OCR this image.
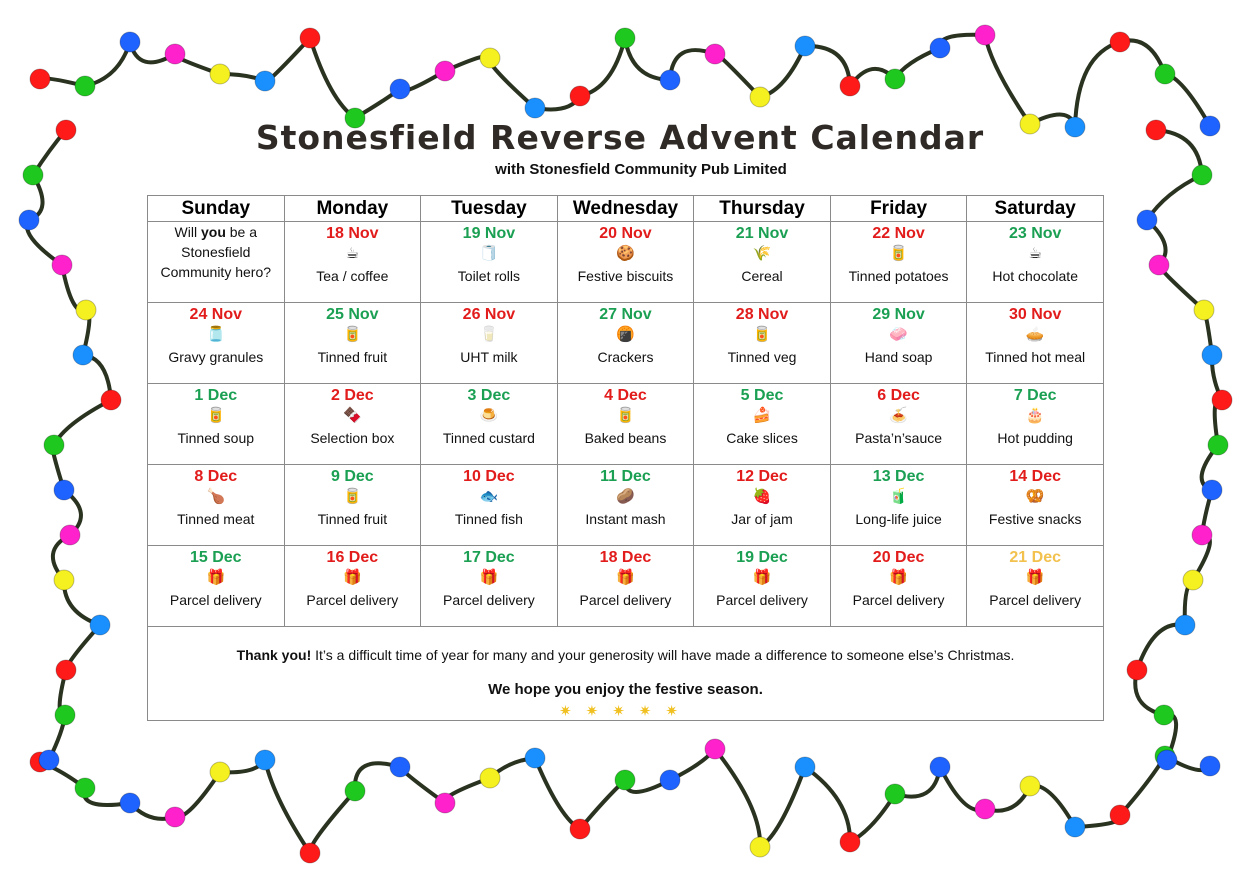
Stonesfield Reverse Advent Calendar
with Stonesfield Community Pub Limited
Sunday	Monday	Tuesday	Wednesday	Thursday	Friday	Saturday
Will you be a Stonesfield Community hero?	18 Nov
☕
Tea / coffee	19 Nov
🧻
Toilet rolls	20 Nov
🍪
Festive biscuits	21 Nov
🌾
Cereal	22 Nov
🥫
Tinned potatoes	23 Nov
☕
Hot chocolate

24 Nov
🫙
Gravy granules	25 Nov
🥫
Tinned fruit	26 Nov
🥛
UHT milk	27 Nov
🍘
Crackers	28 Nov
🥫
Tinned veg	29 Nov
🧼
Hand soap	30 Nov
🥧
Tinned hot meal

1 Dec
🥫
Tinned soup	2 Dec
🍫
Selection box	3 Dec
🍮
Tinned custard	4 Dec
🥫
Baked beans	5 Dec
🍰
Cake slices	6 Dec
🍝
Pasta’n’sauce	7 Dec
🎂
Hot pudding

8 Dec
🍗
Tinned meat	9 Dec
🥫
Tinned fruit	10 Dec
🐟
Tinned fish	11 Dec
🥔
Instant mash	12 Dec
🍓
Jar of jam	13 Dec
🧃
Long-life juice	14 Dec
🥨
Festive snacks

15 Dec
🎁
Parcel delivery	16 Dec
🎁
Parcel delivery	17 Dec
🎁
Parcel delivery	18 Dec
🎁
Parcel delivery	19 Dec
🎁
Parcel delivery	20 Dec
🎁
Parcel delivery	21 Dec
🎁
Parcel delivery

Thank you! It’s a difficult time of year for many and your generosity will have made a difference to someone else’s Christmas.
We hope you enjoy the festive season.
✷✷✷✷✷						
